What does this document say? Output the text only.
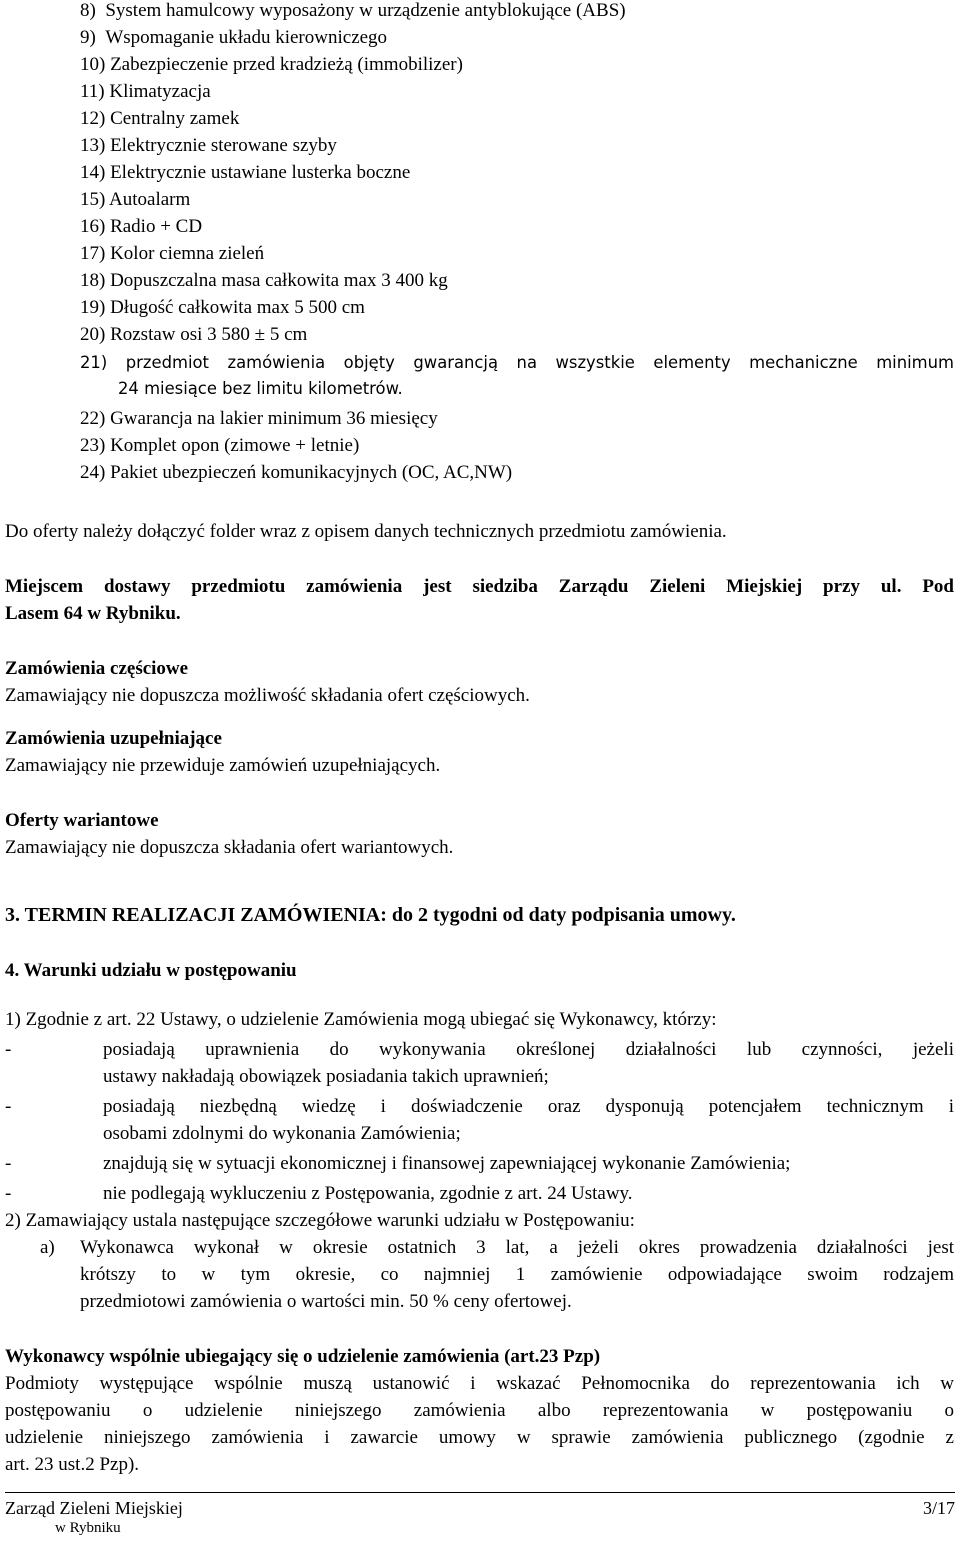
8) System hamulcowy wyposażony w urządzenie antyblokujące (ABS)
9) Wspomaganie układu kierowniczego
10) Zabezpieczenie przed kradzieżą (immobilizer)
11) Klimatyzacja
12) Centralny zamek
13) Elektrycznie sterowane szyby
14) Elektrycznie ustawiane lusterka boczne
15) Autoalarm
16) Radio + CD
17) Kolor ciemna zieleń
18) Dopuszczalna masa całkowita max 3 400 kg
19) Długość całkowita max 5 500 cm
20) Rozstaw osi 3 580 ± 5 cm
21) przedmiot zamówienia objęty gwarancją na wszystkie elementy mechaniczne minimum
24 miesiące bez limitu kilometrów.
22) Gwarancja na lakier minimum 36 miesięcy
23) Komplet opon (zimowe + letnie)
24) Pakiet ubezpieczeń komunikacyjnych (OC, AC,NW)
Do oferty należy dołączyć folder wraz z opisem danych technicznych przedmiotu zamówienia.
Miejscem dostawy przedmiotu zamówienia jest siedziba Zarządu Zieleni Miejskiej przy ul. Pod
Lasem 64 w Rybniku.
Zamówienia częściowe
Zamawiający nie dopuszcza możliwość składania ofert częściowych.
Zamówienia uzupełniające
Zamawiający nie przewiduje zamówień uzupełniających.
Oferty wariantowe
Zamawiający nie dopuszcza składania ofert wariantowych.
3. TERMIN REALIZACJI ZAMÓWIENIA: do 2 tygodni od daty podpisania umowy.
4. Warunki udziału w postępowaniu
1) Zgodnie z art. 22 Ustawy, o udzielenie Zamówienia mogą ubiegać się Wykonawcy, którzy:
-	posiadają uprawnienia do wykonywania określonej działalności lub czynności, jeżeli
ustawy nakładają obowiązek posiadania takich uprawnień;
-	posiadają niezbędną wiedzę i doświadczenie oraz dysponują potencjałem technicznym i
osobami zdolnymi do wykonania Zamówienia;
-	znajdują się w sytuacji ekonomicznej i finansowej zapewniającej wykonanie Zamówienia;
-	nie podlegają wykluczeniu z Postępowania, zgodnie z art. 24 Ustawy.
2) Zamawiający ustala następujące szczegółowe warunki udziału w Postępowaniu:
a) Wykonawca wykonał w okresie ostatnich 3 lat, a jeżeli okres prowadzenia działalności jest
krótszy to w tym okresie, co najmniej 1 zamówienie odpowiadające swoim rodzajem
przedmiotowi zamówienia o wartości min. 50 % ceny ofertowej.
Wykonawcy wspólnie ubiegający się o udzielenie zamówienia (art.23 Pzp)
Podmioty występujące wspólnie muszą ustanowić i wskazać Pełnomocnika do reprezentowania ich w
postępowaniu o udzielenie niniejszego zamówienia albo reprezentowania w postępowaniu o
udzielenie niniejszego zamówienia i zawarcie umowy w sprawie zamówienia publicznego (zgodnie z
art. 23 ust.2 Pzp).
Zarząd Zieleni Miejskiej
w Rybniku
3/17
